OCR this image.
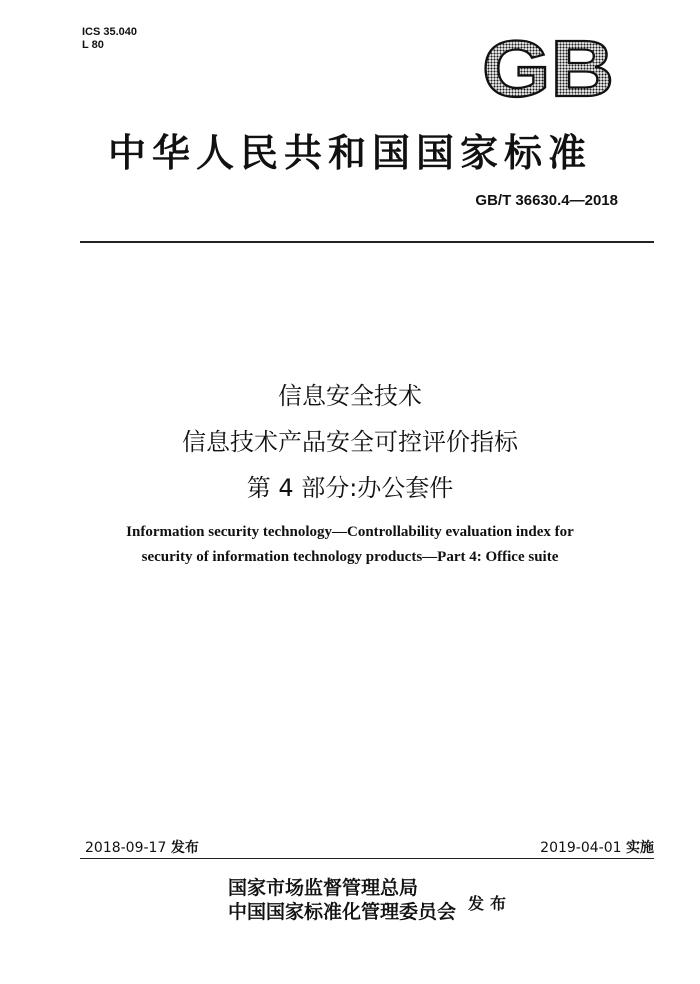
ICS 35.040
L 80	GB
中华人民共和国国家标准
GB/T 36630.4—2018
信息安全技术
信息技术产品安全可控评价指标
第 4 部分:办公套件
Information security technology—Controllability evaluation index for
security of information technology products—Part 4: Office suite
2018-09-17 发布	2019-04-01 实施
国家市场监督管理总局
中国国家标准化管理委员会 发布
